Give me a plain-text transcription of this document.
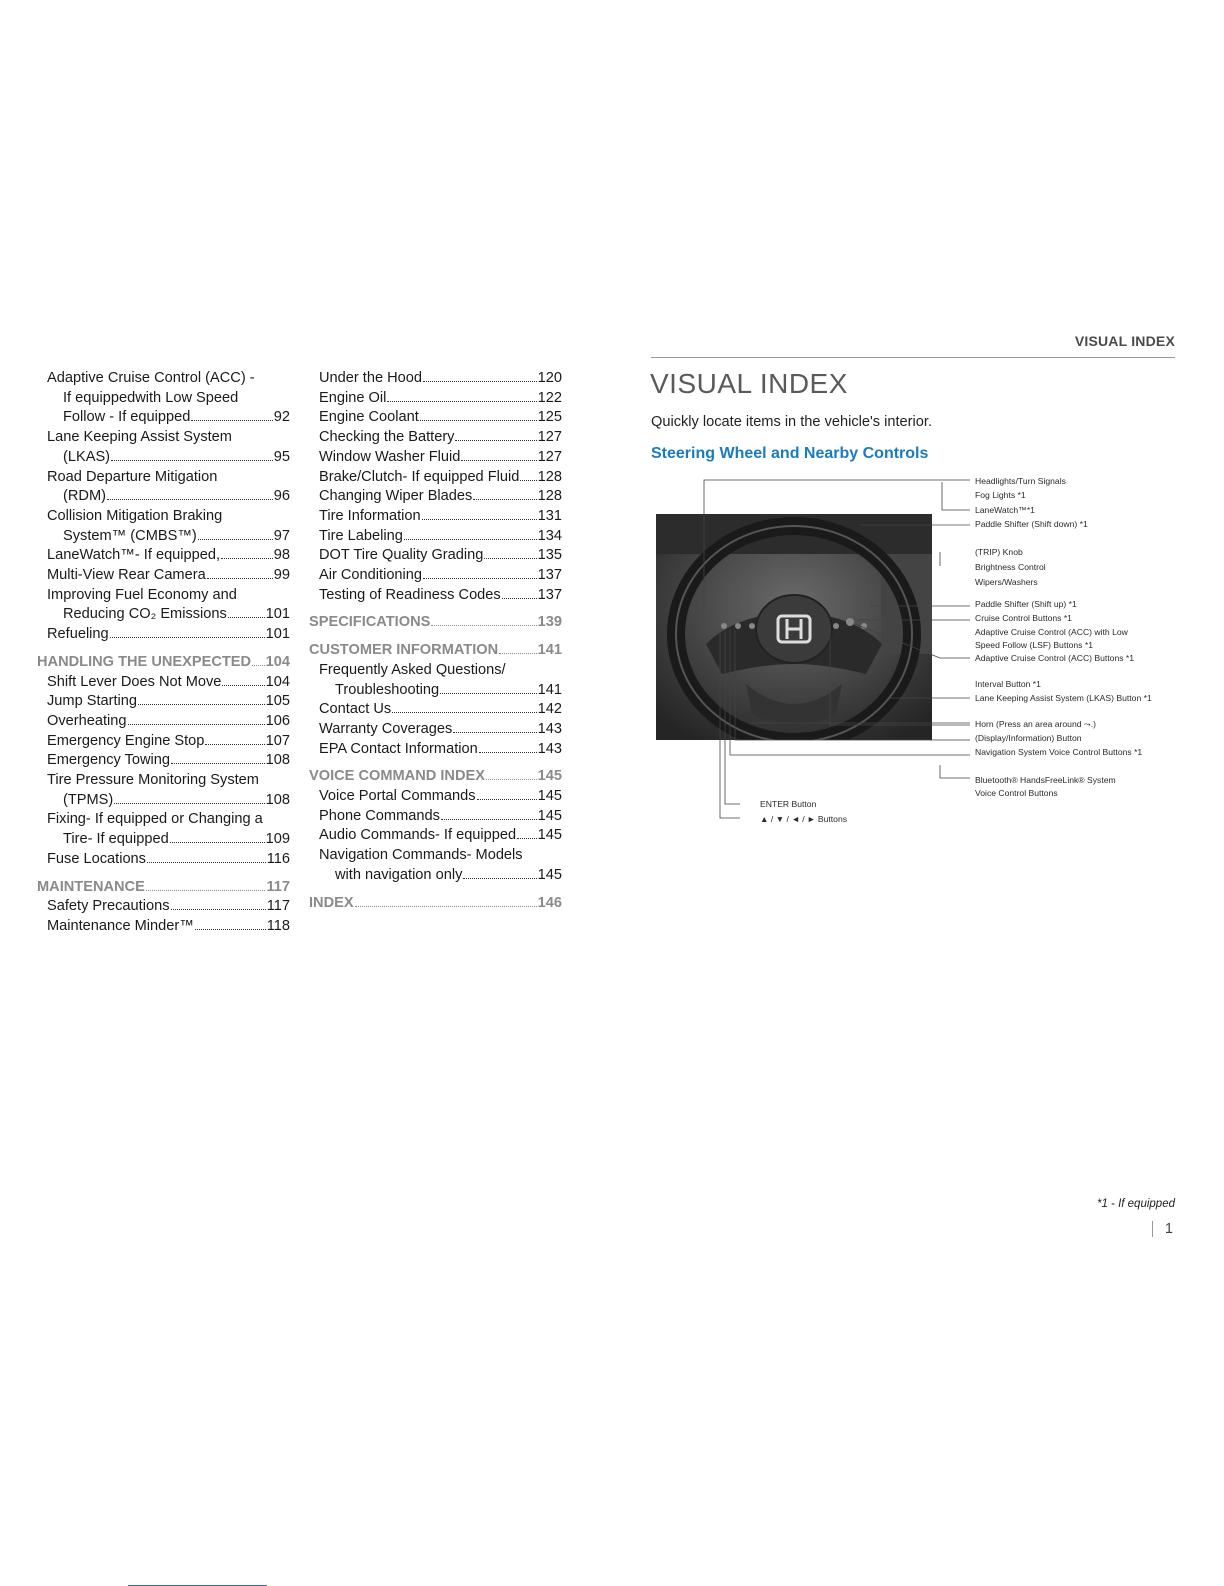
VISUAL INDEX
Adaptive Cruise Control (ACC) -
If equippedwith Low Speed
Follow - If equipped	92
Lane Keeping Assist System
(LKAS)	95
Road Departure Mitigation
(RDM)	96
Collision Mitigation Braking
System™ (CMBS™)	97
LaneWatch™- If equipped,	98
Multi-View Rear Camera	99
Improving Fuel Economy and
Reducing CO₂ Emissions	101
Refueling	101
HANDLING THE UNEXPECTED 104
Shift Lever Does Not Move	104
Jump Starting	105
Overheating	106
Emergency Engine Stop	107
Emergency Towing	108
Tire Pressure Monitoring System
(TPMS)	108
Fixing- If equipped or Changing a
Tire- If equipped	109
Fuse Locations	116
MAINTENANCE	117
Safety Precautions	117
Maintenance Minder™	118
Under the Hood	120
Engine Oil	122
Engine Coolant	125
Checking the Battery	127
Window Washer Fluid	127
Brake/Clutch- If equipped Fluid 128
Changing Wiper Blades	128
Tire Information	131
Tire Labeling	134
DOT Tire Quality Grading	135
Air Conditioning	137
Testing of Readiness Codes	137
SPECIFICATIONS	139
CUSTOMER INFORMATION	141
Frequently Asked Questions/
Troubleshooting	141
Contact Us	142
Warranty Coverages	143
EPA Contact Information	143
VOICE COMMAND INDEX	145
Voice Portal Commands	145
Phone Commands	145
Audio Commands- If equipped 145
Navigation Commands- Models
with navigation only	145
INDEX	146
VISUAL INDEX
Quickly locate items in the vehicle's interior.
Steering Wheel and Nearby Controls
Headlights/Turn Signals
Fog Lights *1
LaneWatch™*1
Paddle Shifter (Shift down) *1
(TRIP) Knob
Brightness Control
Wipers/Washers
Paddle Shifter (Shift up) *1
Cruise Control Buttons *1
Adaptive Cruise Control (ACC) with Low
Speed Follow (LSF) Buttons *1
Adaptive Cruise Control (ACC) Buttons *1
Interval Button *1
Lane Keeping Assist System (LKAS) Button *1
Horn (Press an area around ⤳.)
(Display/Information) Button
Navigation System Voice Control Buttons *1
Bluetooth® HandsFreeLink® System
Voice Control Buttons
ENTER Button
▲ / ▼ / ◄ / ► Buttons
*1 - If equipped
1
